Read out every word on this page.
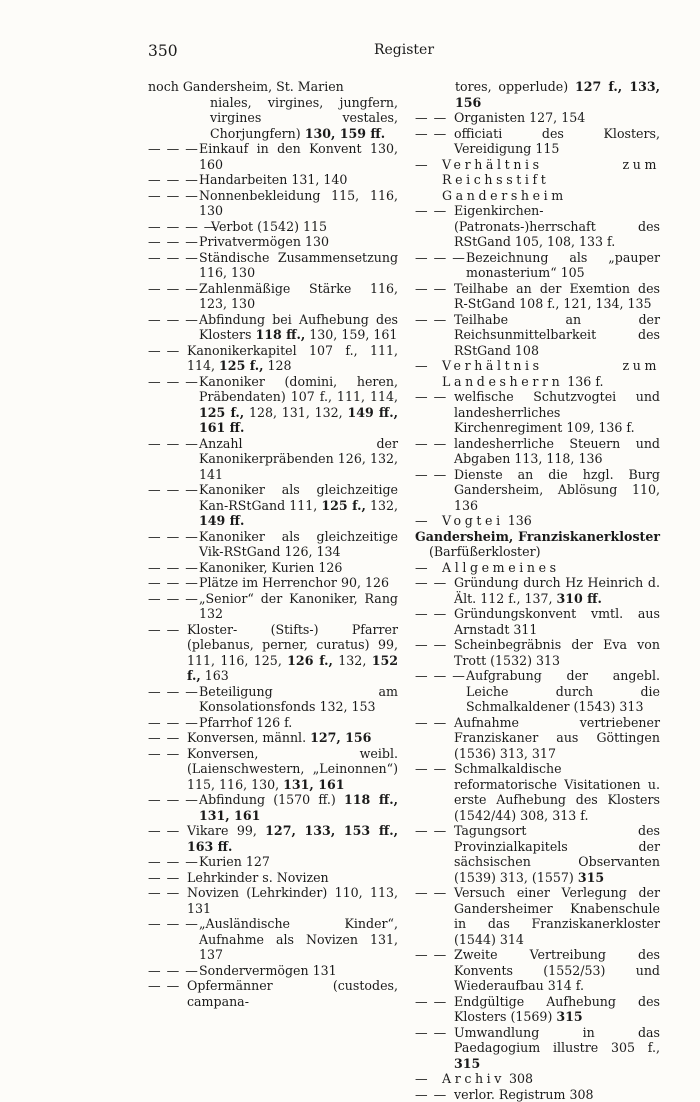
350	Register
noch Gandersheim, St. Marien
niales, virgines, jungfern, virgines vestales, Chorjungfern) 130, 159 ff.
— — — Einkauf in den Konvent 130, 160
— — — Handarbeiten 131, 140
— — — Nonnenbekleidung 115, 116, 130
— — — —
Verbot (1542) 115
— — — Privatvermögen 130
— — — Ständische Zusammensetzung 116, 130
— — — Zahlenmäßige Stärke 116, 123, 130
— — — Abfindung bei Aufhebung des Klosters 118 ff., 130, 159, 161
— — Kanonikerkapitel 107 f., 111, 114, 125 f., 128
— — — Kanoniker (domini, heren, Präbendaten) 107 f., 111, 114, 125 f., 128, 131, 132, 149 ff., 161 ff.
— — — Anzahl der Kanonikerpräbenden 126, 132, 141
— — — Kanoniker als gleichzeitige Kan-RStGand 111, 125 f., 132, 149 ff.
— — — Kanoniker als gleichzeitige Vik-RStGand 126, 134
— — — Kanoniker, Kurien 126
— — — Plätze im Herrenchor 90, 126
— — — „Senior“ der Kanoniker, Rang 132
— — Kloster- (Stifts-) Pfarrer (plebanus, perner, curatus) 99, 111, 116, 125, 126 f., 132, 152 f., 163
— — — Beteiligung am Konsolationsfonds 132, 153
— — — Pfarrhof 126 f.
— — Konversen, männl. 127, 156
— — Konversen, weibl. (Laienschwestern, „Leinonnen“) 115, 116, 130, 131, 161
— — — Abfindung (1570 ff.) 118 ff., 131, 161
— — Vikare 99, 127, 133, 153 ff., 163 ff.
— — — Kurien 127
— — Lehrkinder s. Novizen
— — Novizen (Lehrkinder) 110, 113, 131
— — — „Ausländische Kinder“, Aufnahme als Novizen 131, 137
— — — Sondervermögen 131
— — Opfermänner (custodes, campana-
tores, opperlude) 127 f., 133, 156
— — Organisten 127, 154
— — officiati des Klosters, Vereidigung 115
— Verhältnis zum Reichsstift Gandersheim
— — Eigenkirchen-(Patronats-)herrschaft des RStGand 105, 108, 133 f.
— — — Bezeichnung als „pauper monasterium“ 105
— — Teilhabe an der Exemtion des R-StGand 108 f., 121, 134, 135
— — Teilhabe an der Reichsunmittelbarkeit des RStGand 108
— Verhältnis zum Landesherrn 136 f.
— — welfische Schutzvogtei und landesherrliches Kirchenregiment 109, 136 f.
— — landesherrliche Steuern und Abgaben 113, 118, 136
— — Dienste an die hzgl. Burg Gandersheim, Ablösung 110, 136
— Vogtei 136
Gandersheim, Franziskanerkloster (Barfüßerkloster)
— Allgemeines
— — Gründung durch Hz Heinrich d. Ält. 112 f., 137, 310 ff.
— — Gründungskonvent vmtl. aus Arnstadt 311
— — Scheinbegräbnis der Eva von Trott (1532) 313
— — — Aufgrabung der angebl. Leiche durch die Schmalkaldener (1543) 313
— — Aufnahme vertriebener Franziskaner aus Göttingen (1536) 313, 317
— — Schmalkaldische reformatorische Visitationen u. erste Aufhebung des Klosters (1542/44) 308, 313 f.
— — Tagungsort des Provinzialkapitels der sächsischen Observanten (1539) 313, (1557) 315
— — Versuch einer Verlegung der Gandersheimer Knabenschule in das Franziskanerkloster (1544) 314
— — Zweite Vertreibung des Konvents (1552/53) und Wiederaufbau 314 f.
— — Endgültige Aufhebung des Klosters (1569) 315
— — Umwandlung in das Paedagogium illustre 305 f., 315
— Archiv 308
— — verlor. Registrum 308
